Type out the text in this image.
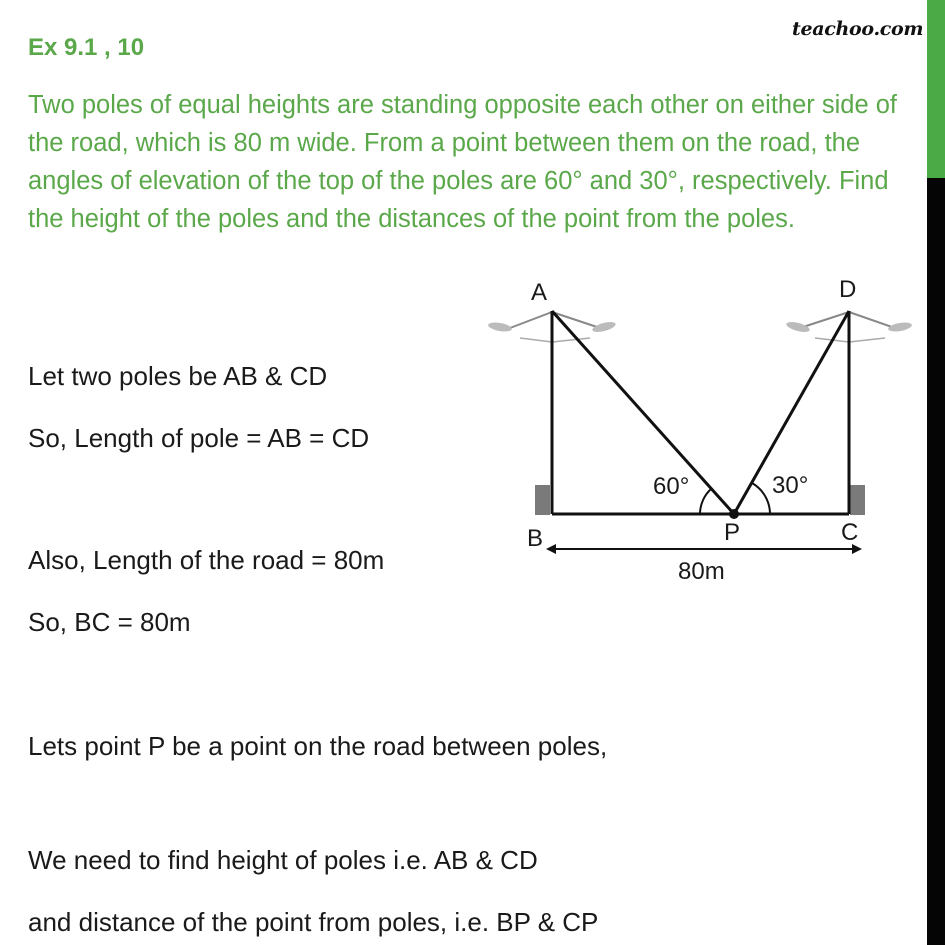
teachoo.com
Ex 9.1 , 10

Two poles of equal heights are standing opposite each other on either side of the road, which is 80 m wide. From a point between them on the road, the angles of elevation of the top of the poles are 60° and 30°, respectively. Find the height of the poles and the distances of the point from the poles.

Let two poles be AB & CD

So, Length of pole = AB = CD

Also, Length of the road = 80m

So, BC = 80m

Lets point P be a point on the road between poles,

We need to find height of poles i.e. AB & CD

and distance of the point from poles, i.e. BP & CP

A	D
B	C
P
60°	30°
80m
